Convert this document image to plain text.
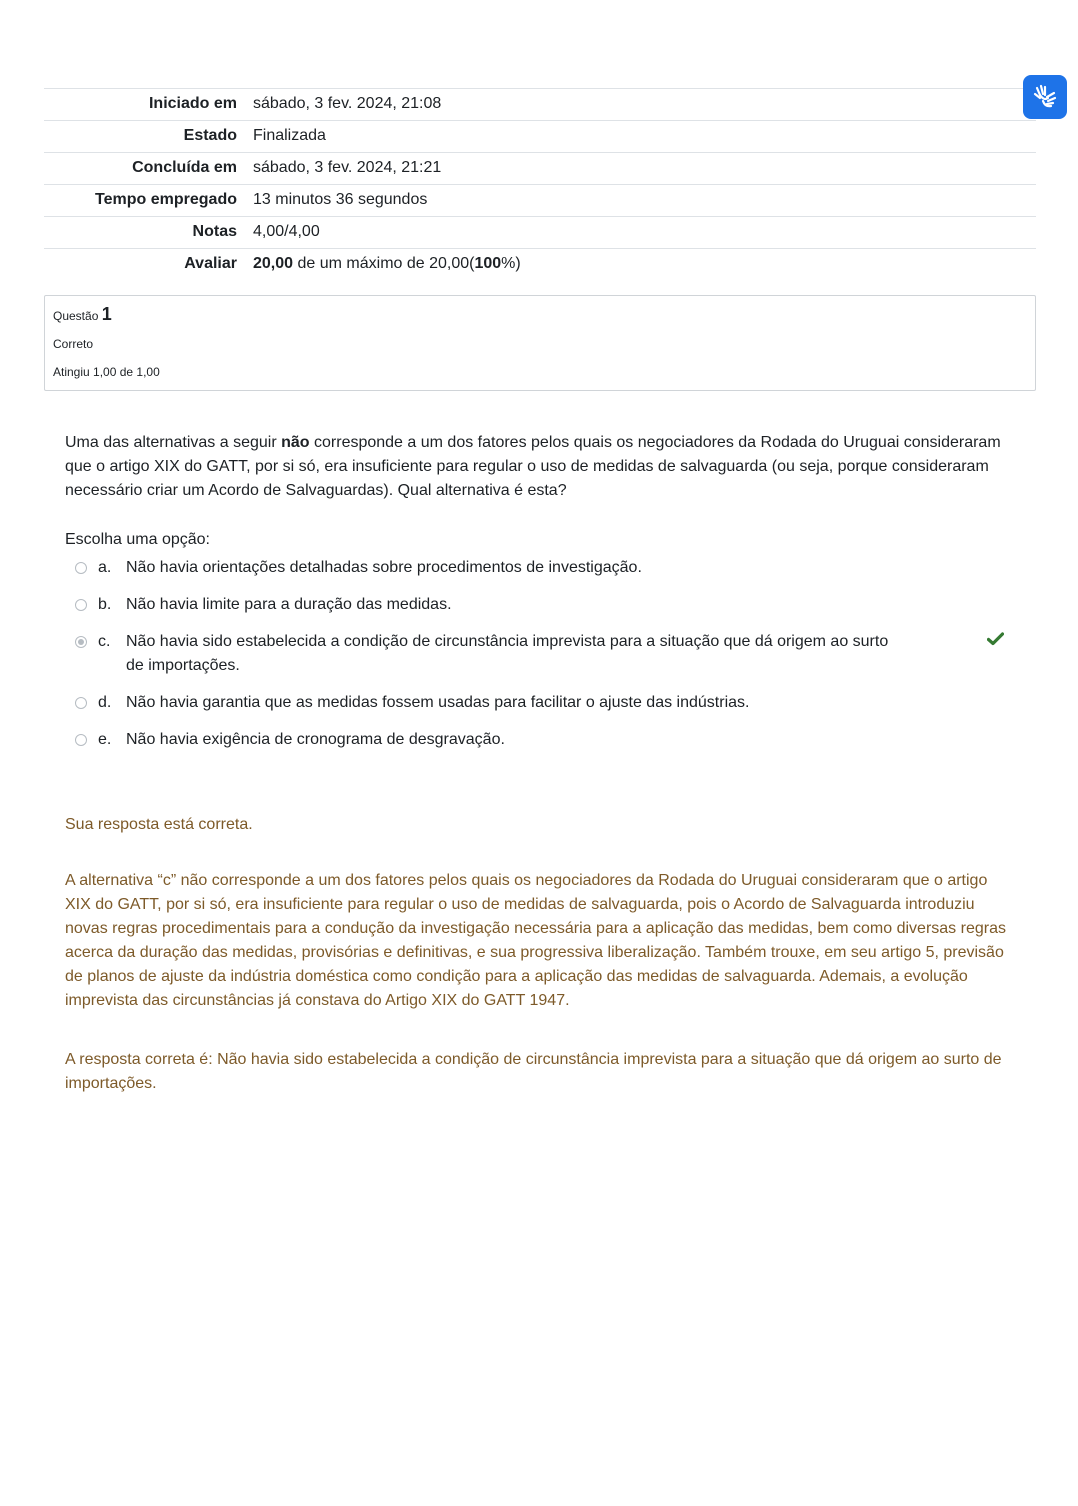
Iniciado em	sábado, 3 fev. 2024, 21:08
Estado	Finalizada
Concluída em	sábado, 3 fev. 2024, 21:21
Tempo empregado	13 minutos 36 segundos
Notas	4,00/4,00
Avaliar	20,00 de um máximo de 20,00(100%)
Questão 1
Correto
Atingiu 1,00 de 1,00
Uma das alternativas a seguir não corresponde a um dos fatores pelos quais os negociadores da Rodada do Uruguai consideraram que o artigo XIX do GATT, por si só, era insuficiente para regular o uso de medidas de salvaguarda (ou seja, porque consideraram necessário criar um Acordo de Salvaguardas). Qual alternativa é esta?
Escolha uma opção:
a. Não havia orientações detalhadas sobre procedimentos de investigação.
b. Não havia limite para a duração das medidas.
c. Não havia sido estabelecida a condição de circunstância imprevista para a situação que dá origem ao surto de importações.
d. Não havia garantia que as medidas fossem usadas para facilitar o ajuste das indústrias.
e. Não havia exigência de cronograma de desgravação.
Sua resposta está correta.
A alternativa “c” não corresponde a um dos fatores pelos quais os negociadores da Rodada do Uruguai consideraram que o artigo XIX do GATT, por si só, era insuficiente para regular o uso de medidas de salvaguarda, pois o Acordo de Salvaguarda introduziu novas regras procedimentais para a condução da investigação necessária para a aplicação das medidas, bem como diversas regras acerca da duração das medidas, provisórias e definitivas, e sua progressiva liberalização. Também trouxe, em seu artigo 5, previsão de planos de ajuste da indústria doméstica como condição para a aplicação das medidas de salvaguarda. Ademais, a evolução imprevista das circunstâncias já constava do Artigo XIX do GATT 1947.
A resposta correta é: Não havia sido estabelecida a condição de circunstância imprevista para a situação que dá origem ao surto de importações.
